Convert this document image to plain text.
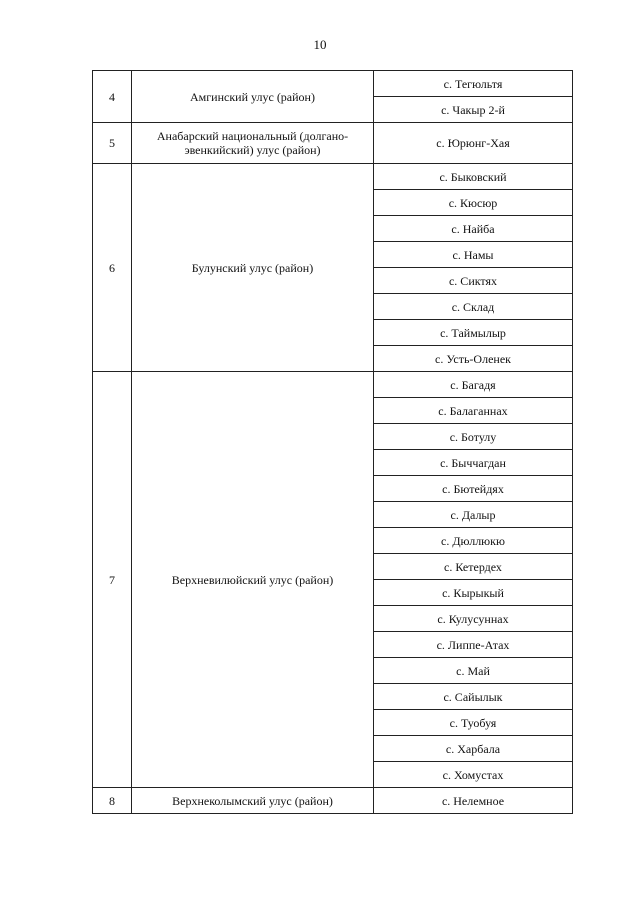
10
4	Амгинский улус (район)	с. Тегюльтя
		с. Чакыр 2-й
5	Анабарский национальный (долгано-эвенкийский) улус (район)	с. Юрюнг-Хая
6	Булунский улус (район)	с. Быковский
		с. Кюсюр
		с. Найба
		с. Намы
		с. Сиктях
		с. Склад
		с. Таймылыр
		с. Усть-Оленек
7	Верхневилюйский улус (район)	с. Багадя
		с. Балаганнах
		с. Ботулу
		с. Быччагдан
		с. Бютейдях
		с. Далыр
		с. Дюллюкю
		с. Кетердех
		с. Кырыкый
		с. Кулусуннах
		с. Липпе-Атах
		с. Май
		с. Сайылык
		с. Туобуя
		с. Харбала
		с. Хомустах
8	Верхнеколымский улус (район)	с. Нелемное
